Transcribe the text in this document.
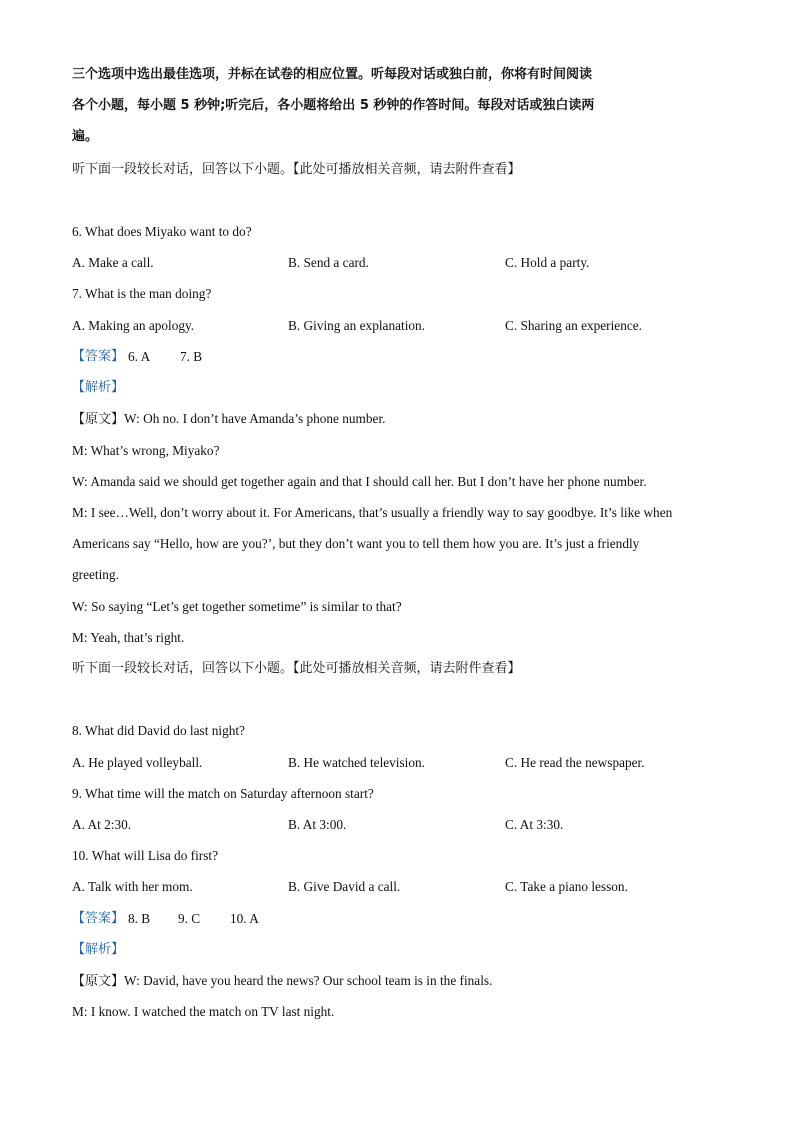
三个选项中选出最佳选项，并标在试卷的相应位置。听每段对话或独白前，你将有时间阅读
各个小题，每小题 5 秒钟;听完后，各小题将给出 5 秒钟的作答时间。每段对话或独白读两
遍。
听下面一段较长对话，回答以下小题。【此处可播放相关音频，请去附件查看】
6. What does Miyako want to do?
A. Make a call.	B. Send a card.	C. Hold a party.
7. What is the man doing?
A. Making an apology.	B. Giving an explanation.	C. Sharing an experience.
【答案】 6. A 7. B
【解析】
【原文】W: Oh no. I don’t have Amanda’s phone number.
M: What’s wrong, Miyako?
W: Amanda said we should get together again and that I should call her. But I don’t have her phone number.
M: I see…Well, don’t worry about it. For Americans, that’s usually a friendly way to say goodbye. It’s like when
Americans say “Hello, how are you?’, but they don’t want you to tell them how you are. It’s just a friendly
greeting.
W: So saying “Let’s get together sometime” is similar to that?
M: Yeah, that’s right.
听下面一段较长对话，回答以下小题。【此处可播放相关音频，请去附件查看】
8. What did David do last night?
A. He played volleyball.	B. He watched television.	C. He read the newspaper.
9. What time will the match on Saturday afternoon start?
A. At 2:30.	B. At 3:00.	C. At 3:30.
10. What will Lisa do first?
A. Talk with her mom.	B. Give David a call.	C. Take a piano lesson.
【答案】 8. B 9. C 10. A
【解析】
【原文】W: David, have you heard the news? Our school team is in the finals.
M: I know. I watched the match on TV last night.
